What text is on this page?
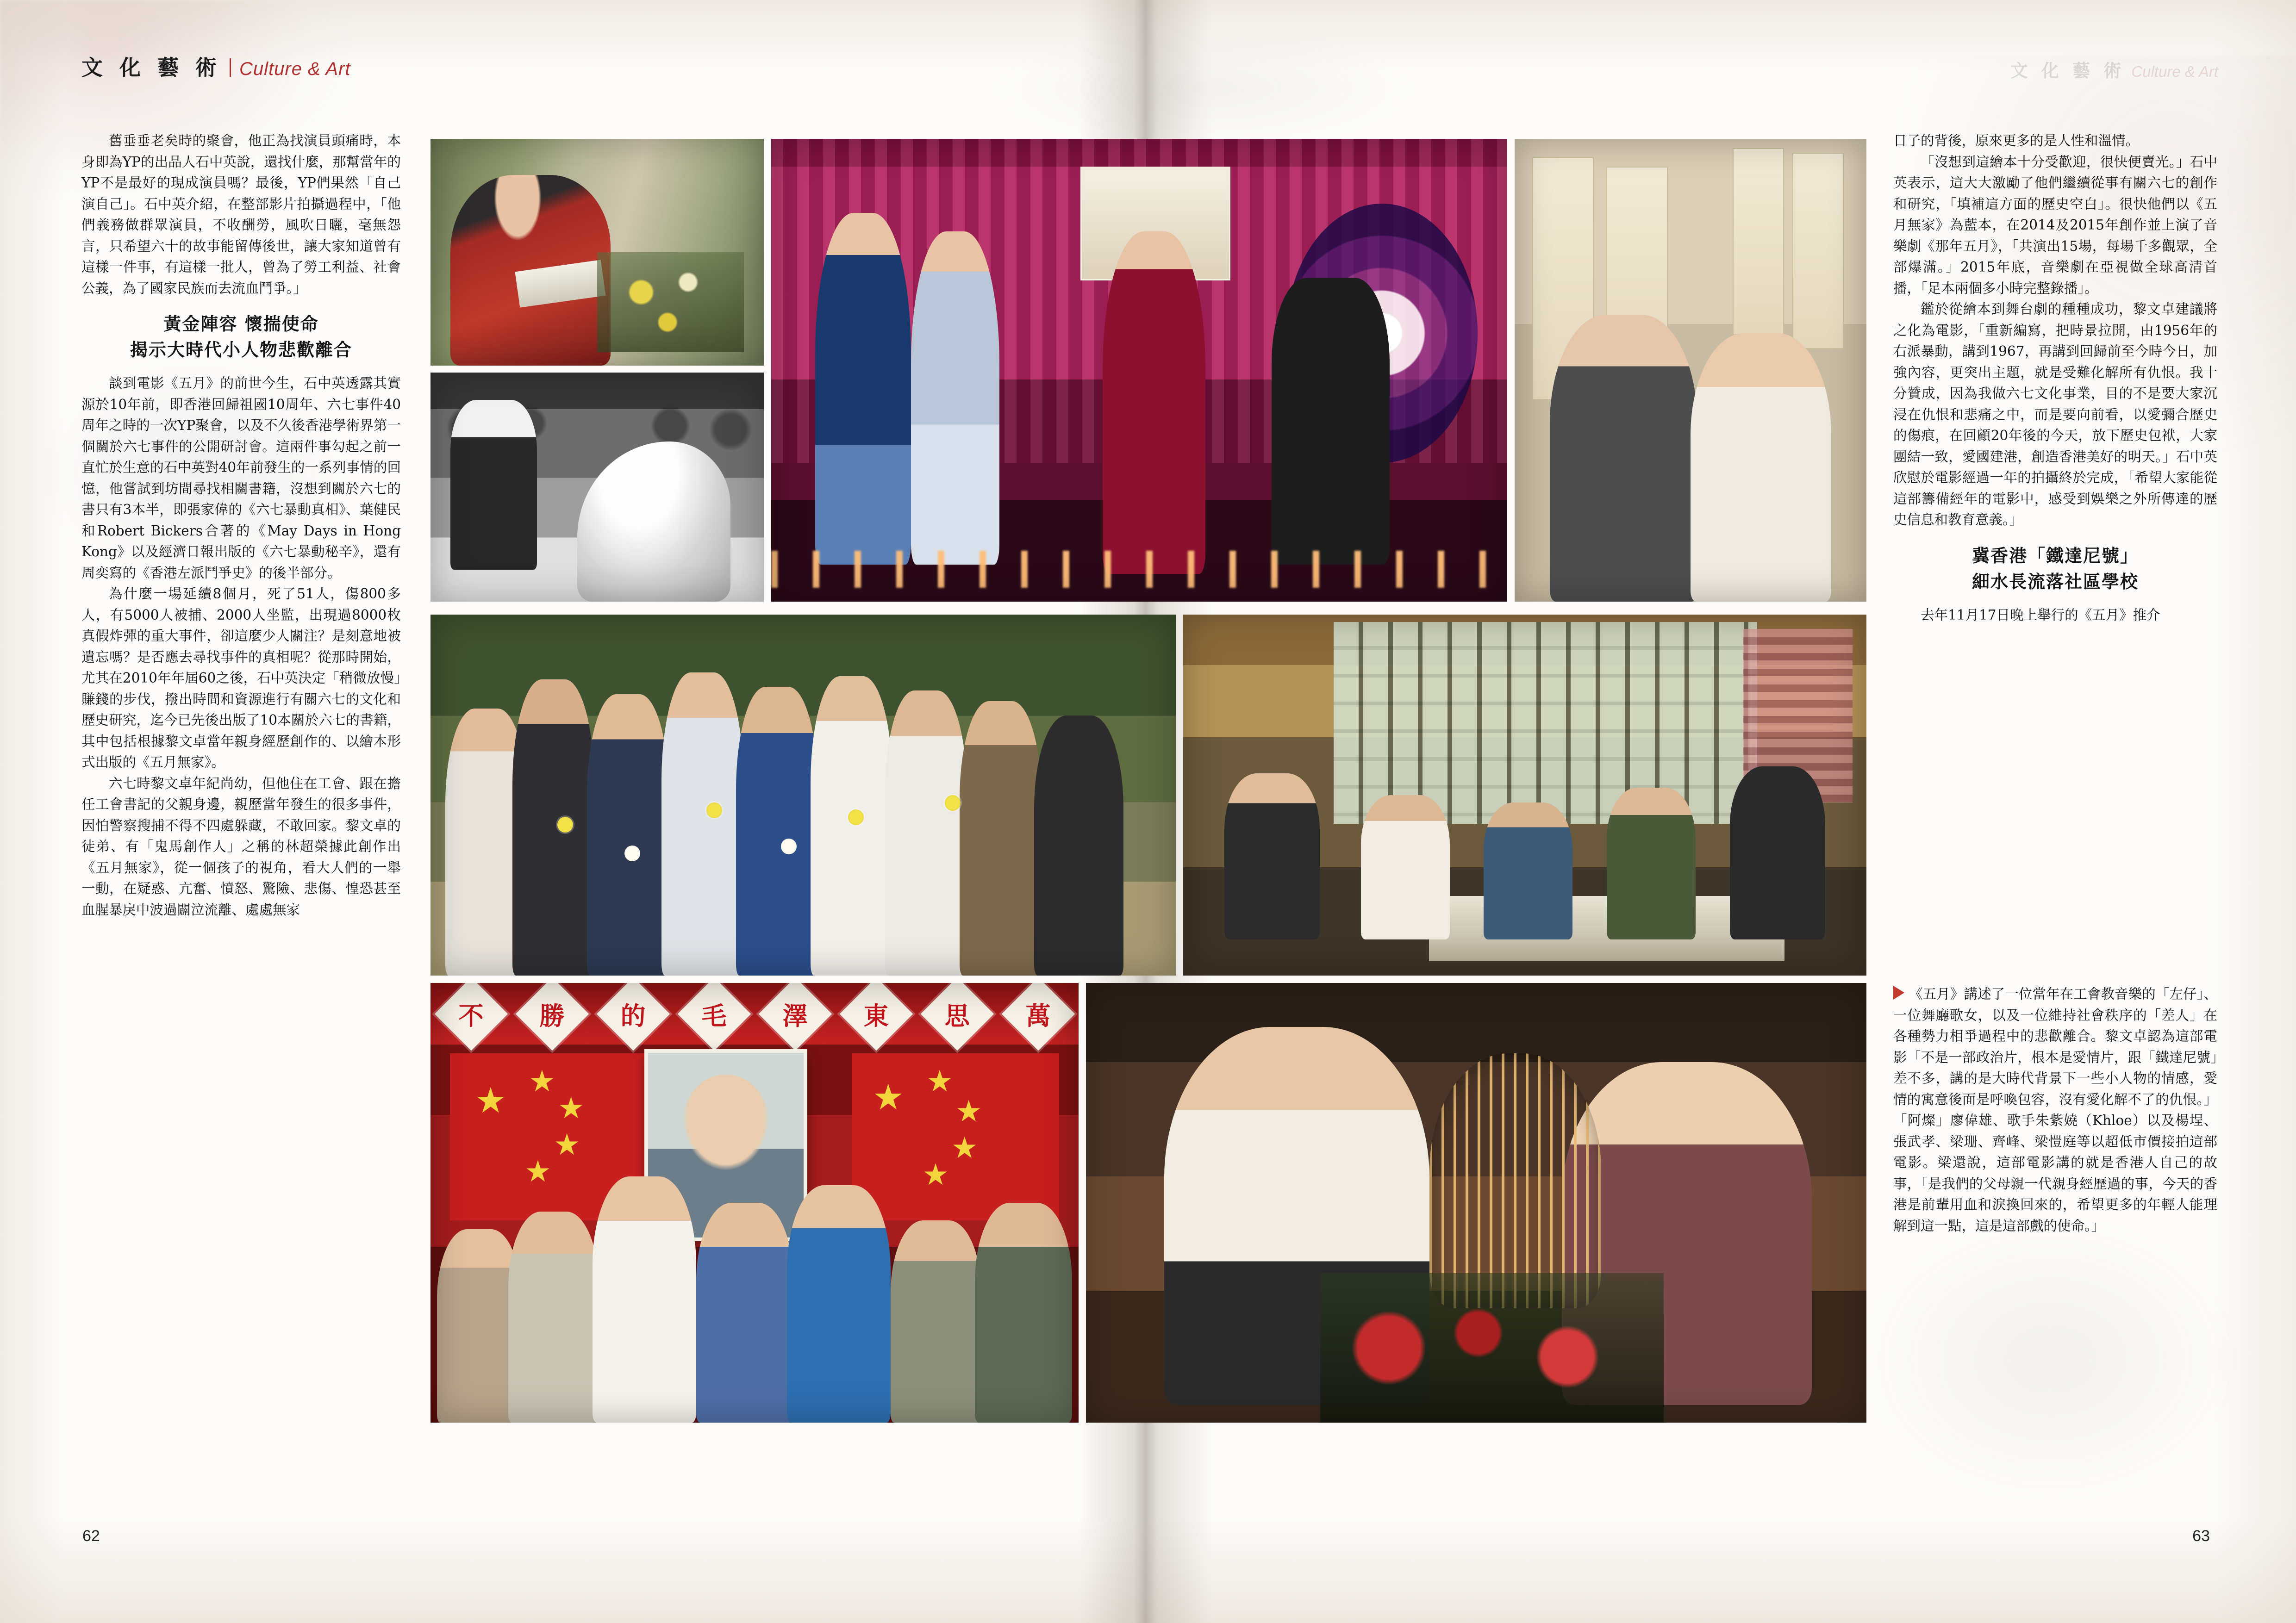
文 化 藝 術 Culture & Art	文 化 藝 術 Culture & Art

舊垂垂老矣時的聚會，他正為找演員頭痛時，本身即為YP的出品人石中英說，還找什麼，那幫當年的YP不是最好的現成演員嗎？最後，YP們果然「自己演自己」。石中英介紹，在整部影片拍攝過程中，「他們義務做群眾演員，不收酬勞，風吹日曬，毫無怨言，只希望六十的故事能留傳後世，讓大家知道曾有這樣一件事，有這樣一批人，曾為了勞工利益、社會公義，為了國家民族而去流血鬥爭。」

黃金陣容 懷揣使命
揭示大時代小人物悲歡離合

談到電影《五月》的前世今生，石中英透露其實源於10年前，即香港回歸祖國10周年、六七事件40周年之時的一次YP聚會，以及不久後香港學術界第一個關於六七事件的公開研討會。這兩件事勾起之前一直忙於生意的石中英對40年前發生的一系列事情的回憶，他嘗試到坊間尋找相關書籍，沒想到關於六七的書只有3本半，即張家偉的《六七暴動真相》、葉健民和Robert Bickers合著的《May Days in Hong Kong》以及經濟日報出版的《六七暴動秘辛》，還有周奕寫的《香港左派鬥爭史》的後半部分。

為什麼一場延續8個月，死了51人，傷800多人，有5000人被捕、2000人坐監，出現過8000枚真假炸彈的重大事件，卻這麼少人關注？是刻意地被遺忘嗎？是否應去尋找事件的真相呢？從那時開始，尤其在2010年年屆60之後，石中英決定「稍微放慢」賺錢的步伐，撥出時間和資源進行有關六七的文化和歷史研究，迄今已先後出版了10本關於六七的書籍，其中包括根據黎文卓當年親身經歷創作的、以繪本形式出版的《五月無家》。

六七時黎文卓年紀尚幼，但他住在工會、跟在擔任工會書記的父親身邊，親歷當年發生的很多事件，因怕警察搜捕不得不四處躲藏，不敢回家。黎文卓的徒弟、有「鬼馬創作人」之稱的林超榮據此創作出《五月無家》，從一個孩子的視角，看大人們的一舉一動，在疑惑、亢奮、憤怒、驚險、悲傷、惶恐甚至血腥暴戾中波過闢泣流離、處處無家

日子的背後，原來更多的是人性和溫情。

「沒想到這繪本十分受歡迎，很快便賣光。」石中英表示，這大大激勵了他們繼續從事有關六七的創作和研究，「填補這方面的歷史空白」。很快他們以《五月無家》為藍本，在2014及2015年創作並上演了音樂劇《那年五月》，「共演出15場，每場千多觀眾，全部爆滿。」2015年底，音樂劇在亞視做全球高清首播，「足本兩個多小時完整錄播」。

鑑於從繪本到舞台劇的種種成功，黎文卓建議將之化為電影，「重新編寫，把時景拉開，由1956年的右派暴動，講到1967，再講到回歸前至今時今日，加強內容，更突出主題，就是受難化解所有仇恨。我十分贊成，因為我做六七文化事業，目的不是要大家沉浸在仇恨和悲痛之中，而是要向前看，以愛彌合歷史的傷痕，在回顧20年後的今天，放下歷史包袱，大家團結一致，愛國建港，創造香港美好的明天。」石中英欣慰於電影經過一年的拍攝終於完成，「希望大家能從這部籌備經年的電影中，感受到娛樂之外所傳達的歷史信息和教育意義。」

冀香港「鐵達尼號」
細水長流落社區學校

去年11月17日晚上舉行的《五月》推介

《五月》講述了一位當年在工會教音樂的「左仔」、一位舞廳歌女，以及一位維持社會秩序的「差人」在各種勢力相爭過程中的悲歡離合。黎文卓認為這部電影「不是一部政治片，根本是愛情片，跟「鐵達尼號」差不多，講的是大時代背景下一些小人物的情感，愛情的寓意後面是呼喚包容，沒有愛化解不了的仇恨。」「阿燦」廖偉雄、歌手朱紫嬈（Khloe）以及楊埕、張武孝、梁珊、齊峰、梁愷庭等以超低市價接拍這部電影。梁還說，這部電影講的就是香港人自己的故事，「是我們的父母親一代親身經歷過的事，今天的香港是前輩用血和淚換回來的，希望更多的年輕人能理解到這一點，這是這部戲的使命。」
62	63
不 勝 的 毛 澤 東 思 萬
★
★
★
★
★
★ ★
★
★
★
